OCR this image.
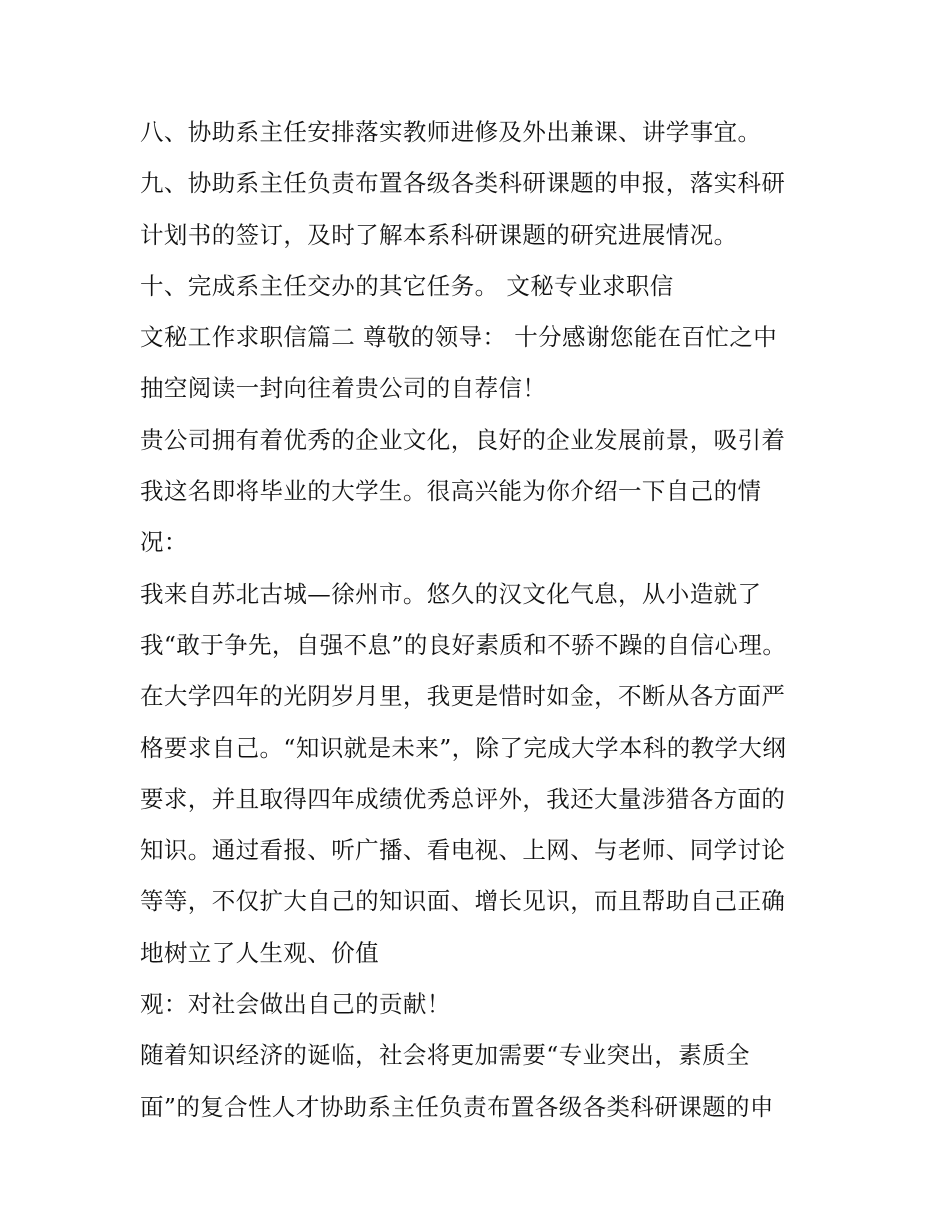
八、协助系主任安排落实教师进修及外出兼课、讲学事宜。
九、协助系主任负责布置各级各类科研课题的申报，落实科研
计划书的签订，及时了解本系科研课题的研究进展情况。
十、完成系主任交办的其它任务。 文秘专业求职信
文秘工作求职信篇二 尊敬的领导： 十分感谢您能在百忙之中
抽空阅读一封向往着贵公司的自荐信！
贵公司拥有着优秀的企业文化，良好的企业发展前景，吸引着
我这名即将毕业的大学生。很高兴能为你介绍一下自己的情
况：
我来自苏北古城—徐州市。悠久的汉文化气息，从小造就了
我“敢于争先，自强不息”的良好素质和不骄不躁的自信心理。
在大学四年的光阴岁月里，我更是惜时如金，不断从各方面严
格要求自己。“知识就是未来”，除了完成大学本科的教学大纲
要求，并且取得四年成绩优秀总评外，我还大量涉猎各方面的
知识。通过看报、听广播、看电视、上网、与老师、同学讨论
等等，不仅扩大自己的知识面、增长见识，而且帮助自己正确
地树立了人生观、价值
观：对社会做出自己的贡献！
随着知识经济的诞临，社会将更加需要“专业突出，素质全
面”的复合性人才协助系主任负责布置各级各类科研课题的申
